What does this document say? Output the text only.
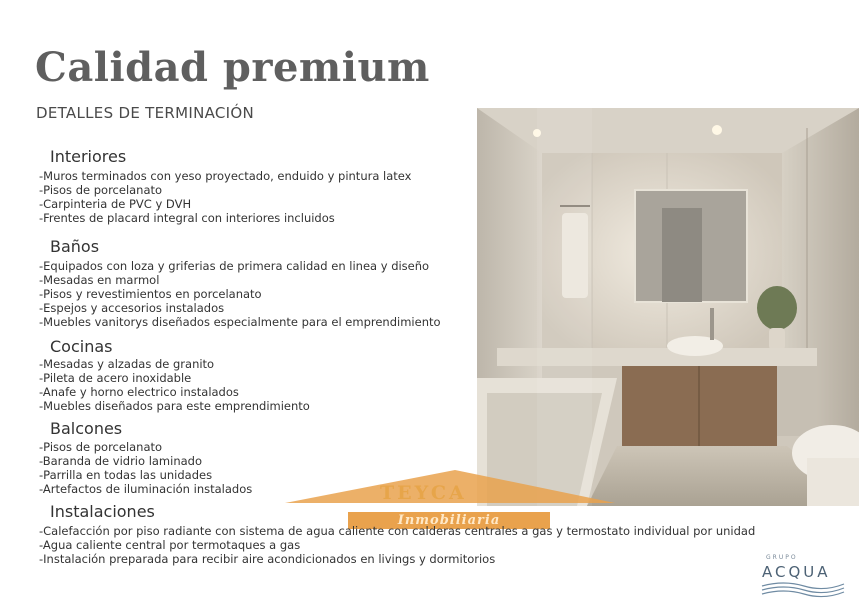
Calidad premium
DETALLES DE TERMINACIÓN
Interiores
-Muros terminados con yeso proyectado, enduido y pintura latex
-Pisos de porcelanato
-Carpinteria de PVC y DVH
-Frentes de placard integral con interiores incluidos
Baños
-Equipados con loza y griferias de primera calidad en linea y diseño
-Mesadas en marmol
-Pisos y revestimientos en porcelanato
-Espejos y accesorios instalados
-Muebles vanitorys diseñados especialmente para el emprendimiento
Cocinas
-Mesadas y alzadas de granito
-Pileta de acero inoxidable
-Anafe y horno electrico instalados
-Muebles diseñados para este emprendimiento
Balcones
-Pisos de porcelanato
-Baranda de vidrio laminado
-Parrilla en todas las unidades
-Artefactos de iluminación instalados	TEYCA
Inmobiliaria
Instalaciones
-Calefacción por piso radiante con sistema de agua caliente con calderas centrales a gas y termostato individual por unidad
-Agua caliente central por termotaques a gas
-Instalación preparada para recibir aire acondicionados en livings y dormitorios	GRUPO
ACQUA
